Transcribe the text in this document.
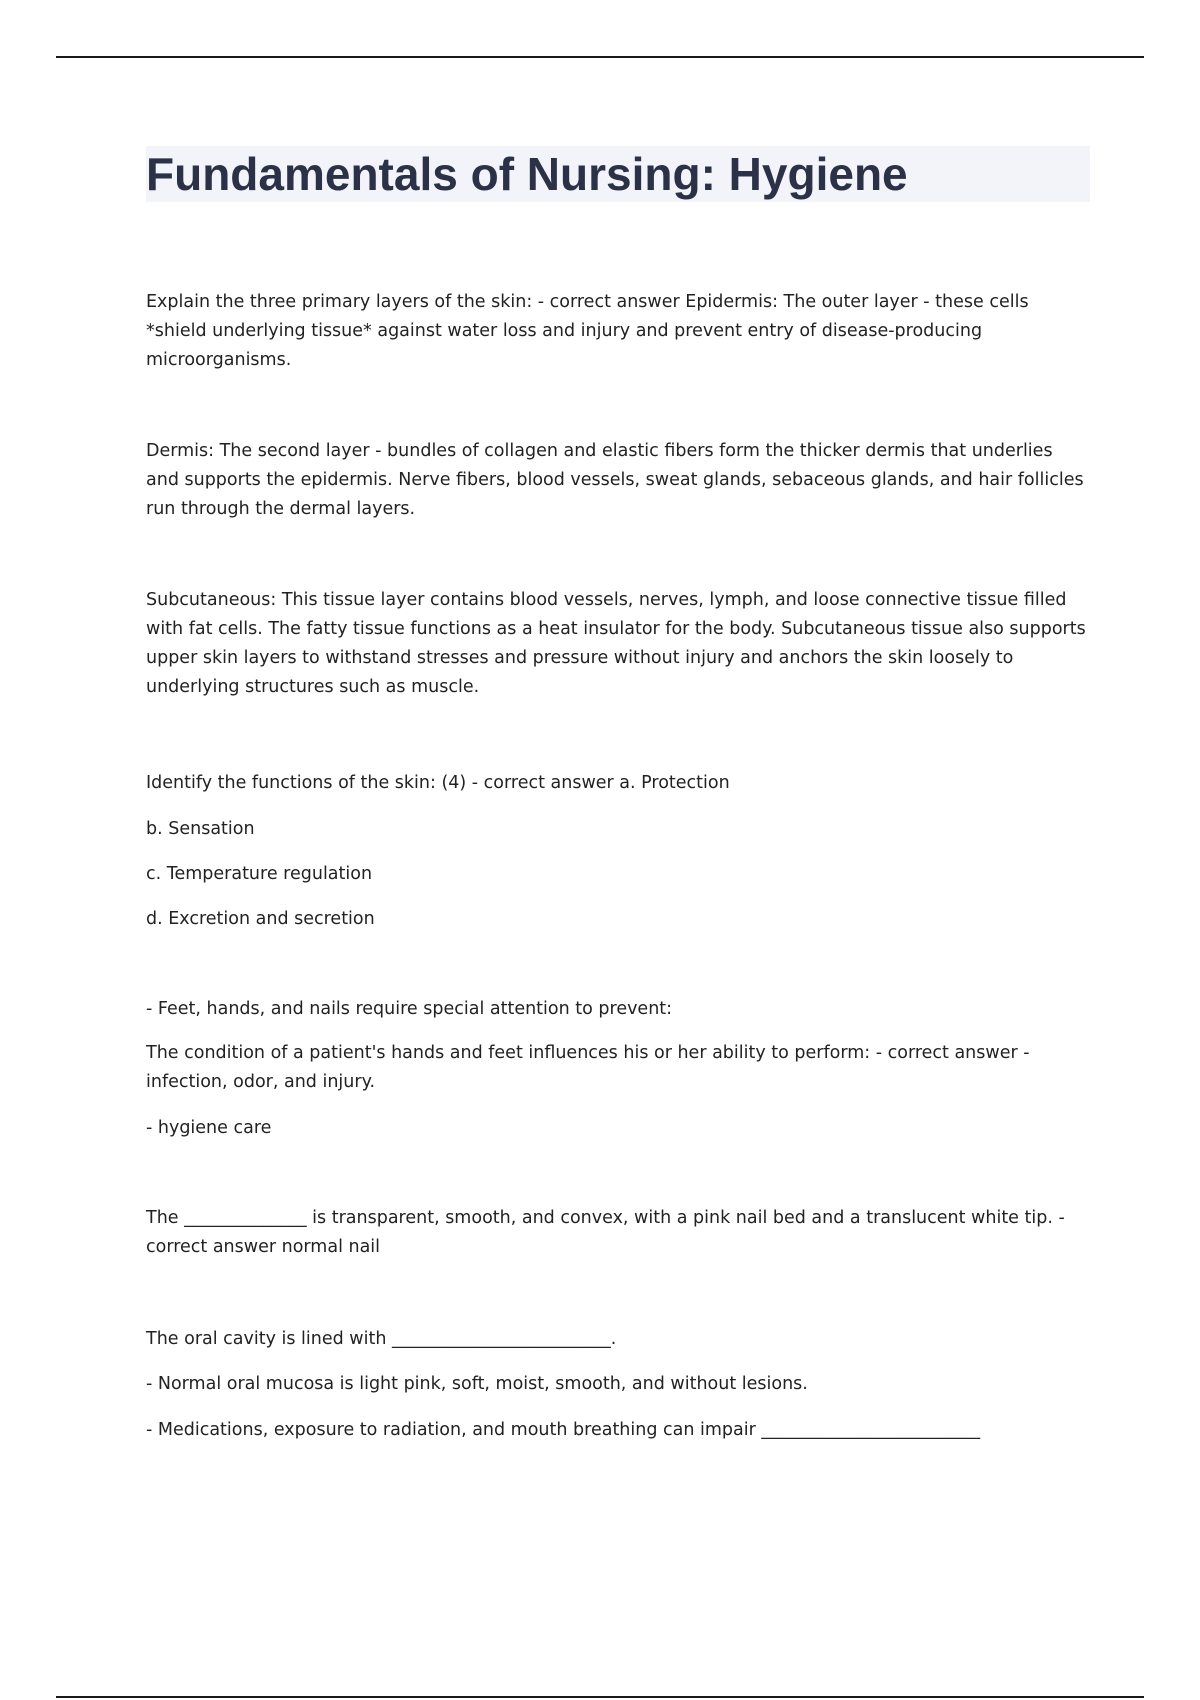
Fundamentals of Nursing: Hygiene

Explain the three primary layers of the skin: - correct answer Epidermis: The outer layer - these cells *shield underlying tissue* against water loss and injury and prevent entry of disease-producing microorganisms.

Dermis: The second layer - bundles of collagen and elastic fibers form the thicker dermis that underlies and supports the epidermis. Nerve fibers, blood vessels, sweat glands, sebaceous glands, and hair follicles run through the dermal layers.

Subcutaneous: This tissue layer contains blood vessels, nerves, lymph, and loose connective tissue filled with fat cells. The fatty tissue functions as a heat insulator for the body. Subcutaneous tissue also supports upper skin layers to withstand stresses and pressure without injury and anchors the skin loosely to underlying structures such as muscle.

Identify the functions of the skin: (4) - correct answer a. Protection

b. Sensation

c. Temperature regulation

d. Excretion and secretion

- Feet, hands, and nails require special attention to prevent:

The condition of a patient's hands and feet influences his or her ability to perform: - correct answer - infection, odor, and injury.

- hygiene care

The ______________ is transparent, smooth, and convex, with a pink nail bed and a translucent white tip. - correct answer normal nail

The oral cavity is lined with _________________________.

- Normal oral mucosa is light pink, soft, moist, smooth, and without lesions.

- Medications, exposure to radiation, and mouth breathing can impair _________________________
